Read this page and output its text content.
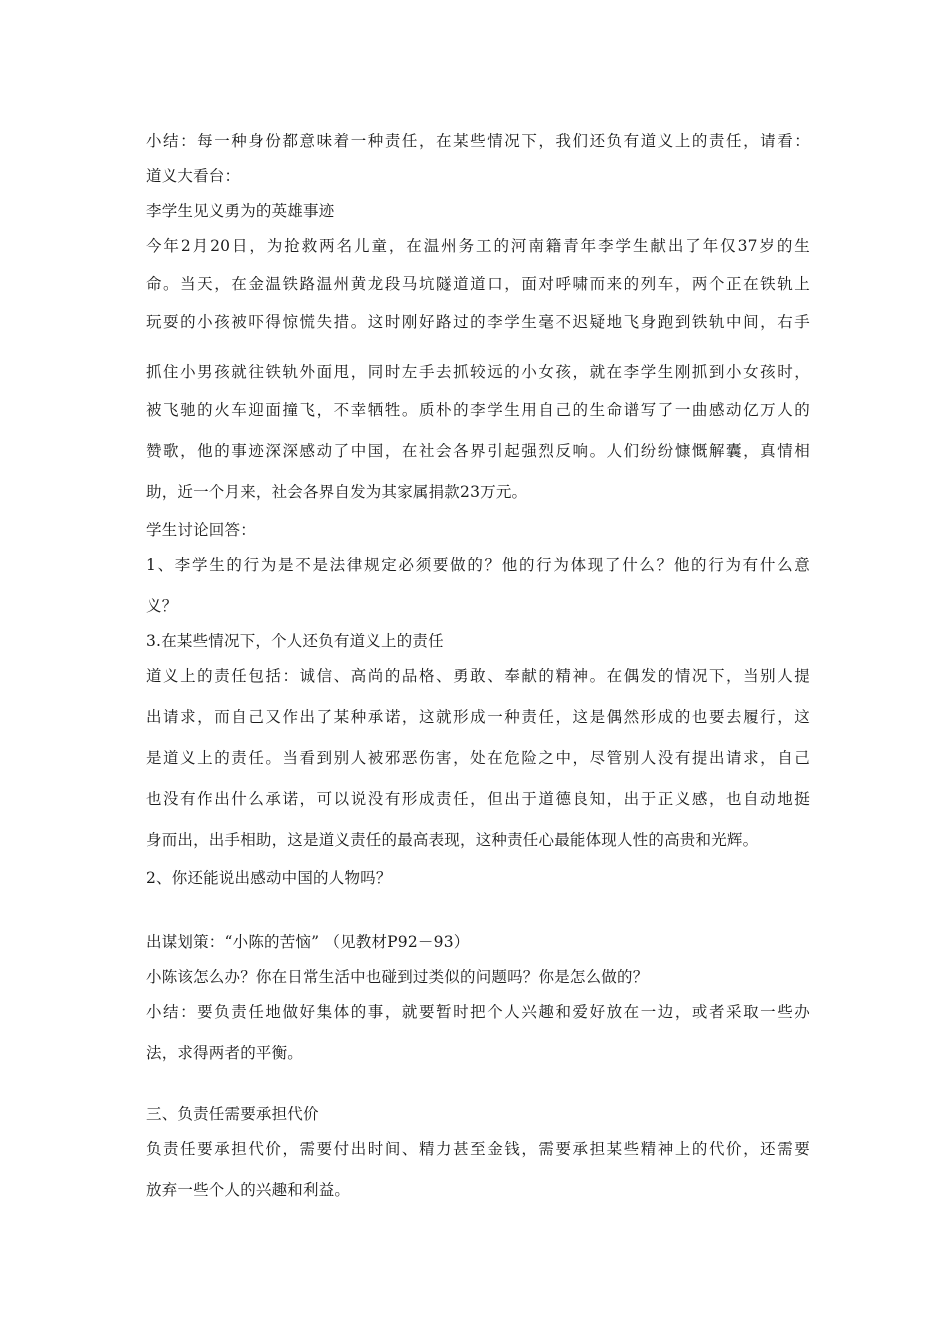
小结：每一种身份都意味着一种责任，在某些情况下，我们还负有道义上的责任，请看：
道义大看台：
李学生见义勇为的英雄事迹
今年2月20日，为抢救两名儿童，在温州务工的河南籍青年李学生献出了年仅37岁的生
命。当天，在金温铁路温州黄龙段马坑隧道道口，面对呼啸而来的列车，两个正在铁轨上
玩耍的小孩被吓得惊慌失措。这时刚好路过的李学生毫不迟疑地飞身跑到铁轨中间，右手
抓住小男孩就往铁轨外面甩，同时左手去抓较远的小女孩，就在李学生刚抓到小女孩时，
被飞驰的火车迎面撞飞，不幸牺牲。质朴的李学生用自己的生命谱写了一曲感动亿万人的
赞歌，他的事迹深深感动了中国，在社会各界引起强烈反响。人们纷纷慷慨解囊，真情相
助，近一个月来，社会各界自发为其家属捐款23万元。
学生讨论回答：
1、李学生的行为是不是法律规定必须要做的？他的行为体现了什么？他的行为有什么意
义？
3.在某些情况下，个人还负有道义上的责任
道义上的责任包括：诚信、高尚的品格、勇敢、奉献的精神。在偶发的情况下，当别人提
出请求，而自己又作出了某种承诺，这就形成一种责任，这是偶然形成的也要去履行，这
是道义上的责任。当看到别人被邪恶伤害，处在危险之中，尽管别人没有提出请求，自己
也没有作出什么承诺，可以说没有形成责任，但出于道德良知，出于正义感，也自动地挺
身而出，出手相助，这是道义责任的最高表现，这种责任心最能体现人性的高贵和光辉。
2、你还能说出感动中国的人物吗？
出谋划策：“小陈的苦恼” （见教材P92－93）
小陈该怎么办？你在日常生活中也碰到过类似的问题吗？你是怎么做的？
小结：要负责任地做好集体的事，就要暂时把个人兴趣和爱好放在一边，或者采取一些办
法，求得两者的平衡。
三、负责任需要承担代价
负责任要承担代价，需要付出时间、精力甚至金钱，需要承担某些精神上的代价，还需要
放弃一些个人的兴趣和利益。
